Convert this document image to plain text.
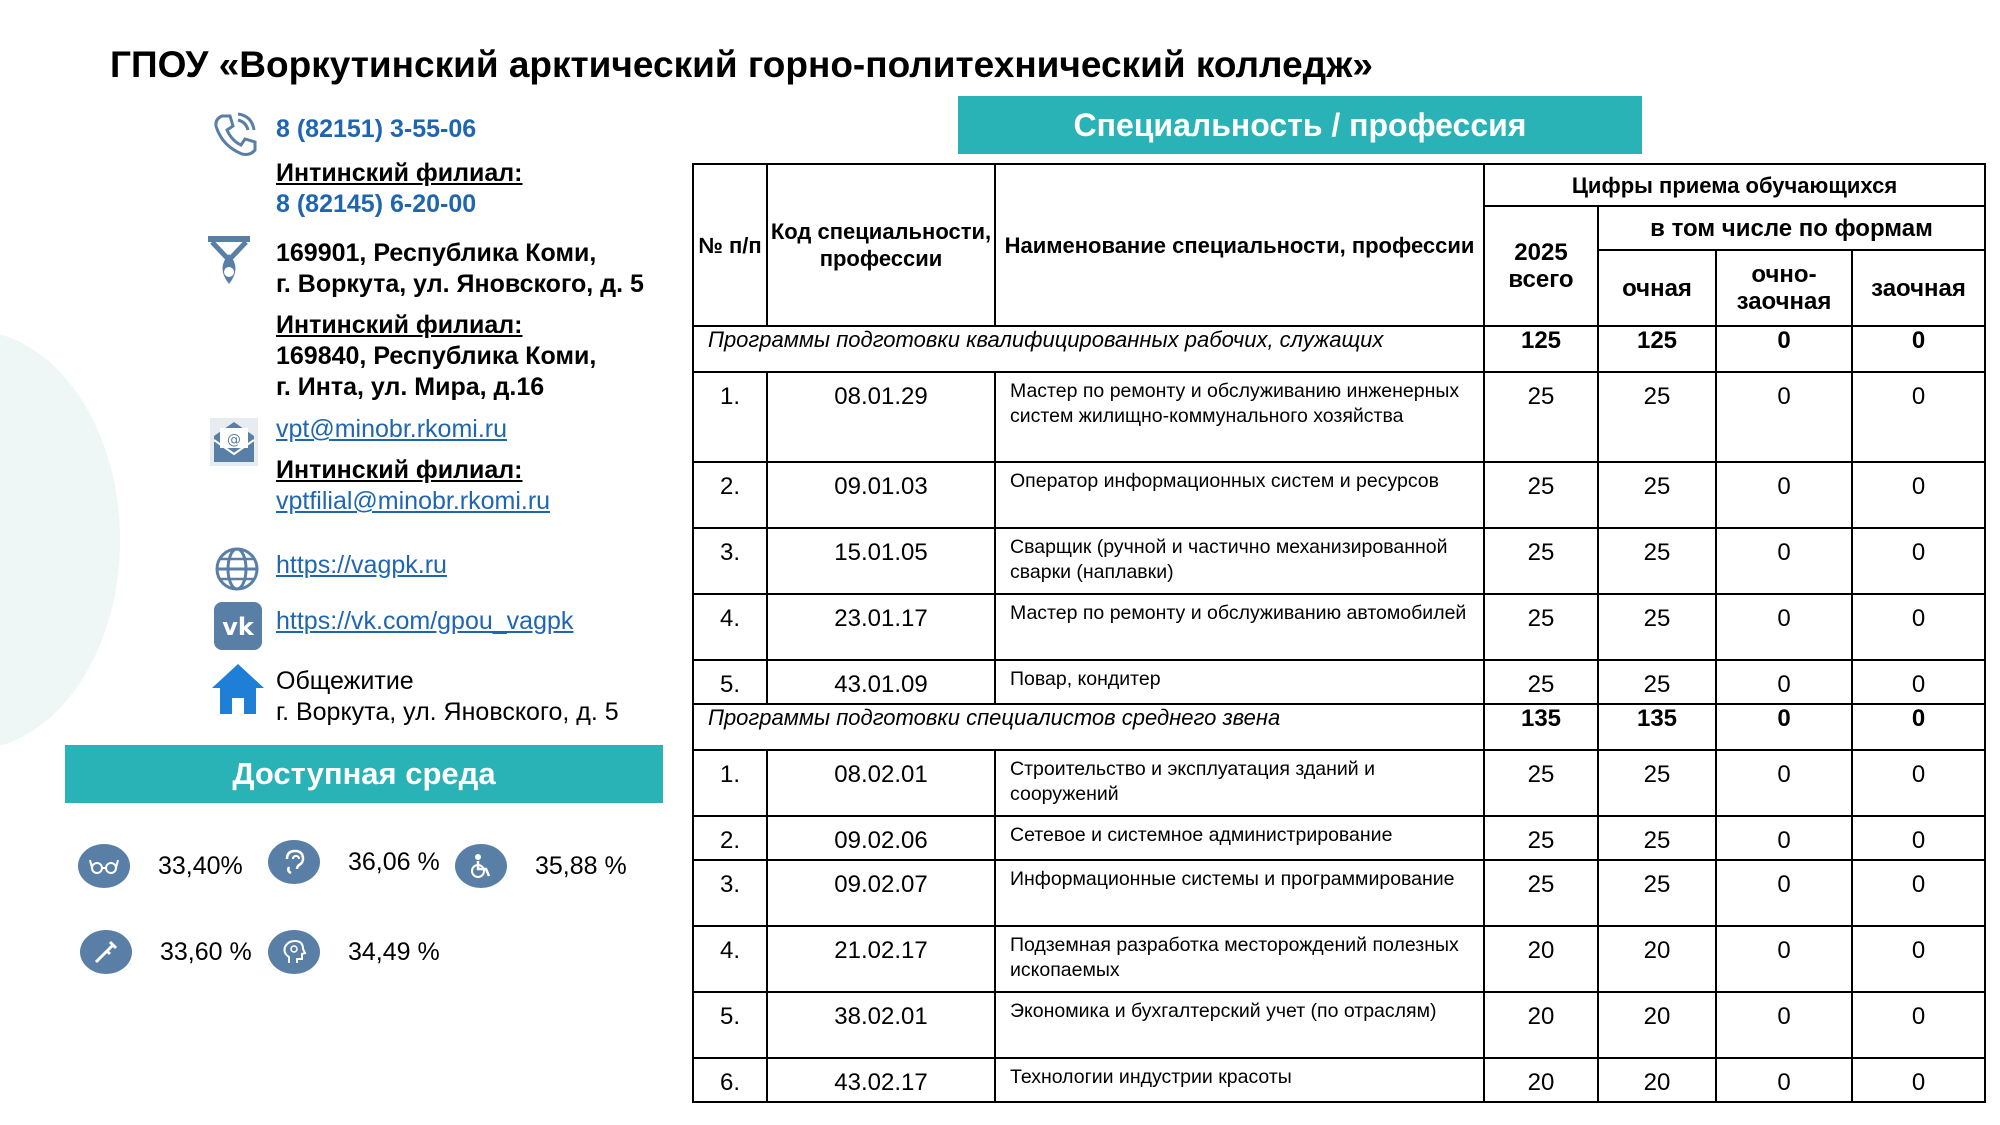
ГПОУ «Воркутинский арктический горно-политехнический колледж»
8 (82151) 3-55-06
Интинский филиал:
8 (82145) 6-20-00
169901, Республика Коми,
г. Воркута, ул. Яновского, д. 5
Интинский филиал:
169840, Республика Коми,
г. Инта, ул. Мира, д.16
@ vpt@minobr.rkomi.ru
Интинский филиал:
vptfilial@minobr.rkomi.ru
https://vagpk.ru
vk https://vk.com/gpou_vagpk
Общежитие
г. Воркута, ул. Яновского, д. 5
Доступная среда
33,40%	36,06 %	35,88 %
33,60 %	34,49 %
Специальность / профессия
№ п/п	Код специальности, профессии	Наименование специальности, профессии	Цифры приема обучающихся			
			2025 всего	в том числе по формам		
				очная	очно-заочная	заочная
Программы подготовки квалифицированных рабочих, служащих			125	125	0	0
1.	08.01.29	Мастер по ремонту и обслуживанию инженерных систем жилищно-коммунального хозяйства	25	25	0	0
2.	09.01.03	Оператор информационных систем и ресурсов	25	25	0	0
3.	15.01.05	Сварщик (ручной и частично механизированной сварки (наплавки)	25	25	0	0
4.	23.01.17	Мастер по ремонту и обслуживанию автомобилей	25	25	0	0
5.	43.01.09	Повар, кондитер	25	25	0	0
Программы подготовки специалистов среднего звена			135	135	0	0
1.	08.02.01	Строительство и эксплуатация зданий и сооружений	25	25	0	0
2.	09.02.06	Сетевое и системное администрирование	25	25	0	0
3.	09.02.07	Информационные системы и программирование	25	25	0	0
4.	21.02.17	Подземная разработка месторождений полезных ископаемых	20	20	0	0
5.	38.02.01	Экономика и бухгалтерский учет (по отраслям)	20	20	0	0
6.	43.02.17	Технологии индустрии красоты	20	20	0	0
